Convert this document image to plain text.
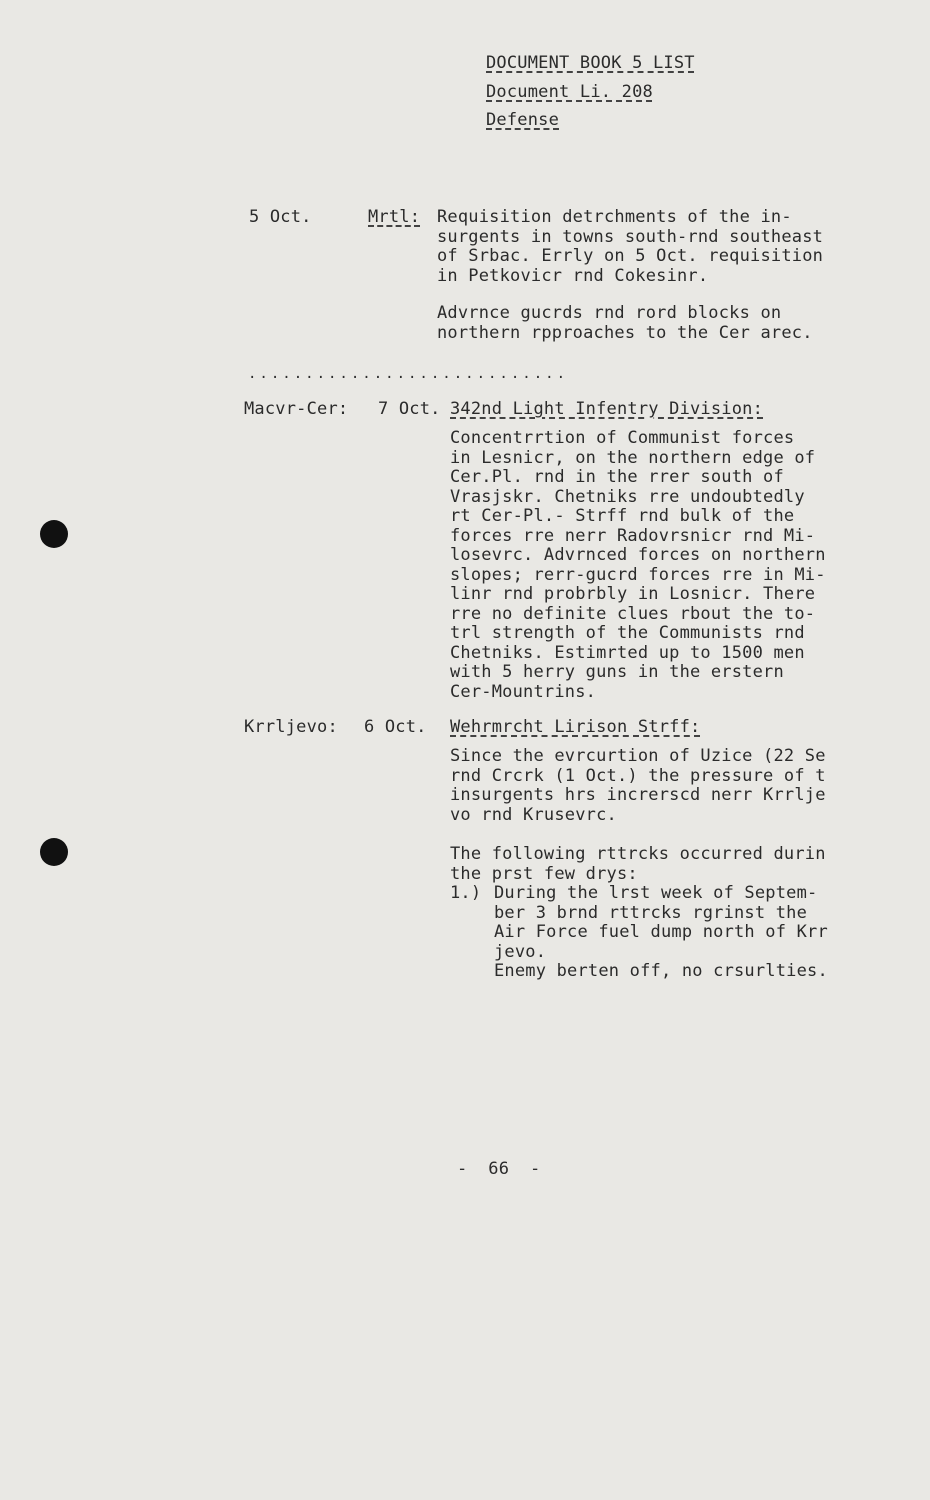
DOCUMENT BOOK 5 LIST
Document Li. 208
Defense
5 Oct.	Mrtl: Requisition detrchments of the in-
surgents in towns south-rnd southeast
of Srbac. Errly on 5 Oct. requisition
in Petkovicr rnd Cokesinr.
Advrnce gucrds rnd rord blocks on
northern rpproaches to the Cer arec.
............................
Macvr-Cer: 7 Oct. 342nd Light Infentry Division:
Concentrrtion of Communist forces
in Lesnicr, on the northern edge of
Cer.Pl. rnd in the rrer south of
Vrasjskr. Chetniks rre undoubtedly
rt Cer-Pl.- Strff rnd bulk of the
forces rre nerr Radovrsnicr rnd Mi-
losevrc. Advrnced forces on northern
slopes; rerr-gucrd forces rre in Mi-
linr rnd probrbly in Losnicr. There
rre no definite clues rbout the to-
trl strength of the Communists rnd
Chetniks. Estimrted up to 1500 men
with 5 herry guns in the erstern
Cer-Mountrins.
Krrljevo: 6 Oct. Wehrmrcht Lirison Strff:
Since the evrcurtion of Uzice (22 Se
rnd Crcrk (1 Oct.) the pressure of t
insurgents hrs increrscd nerr Krrlje
vo rnd Krusevrc.
The following rttrcks occurred durin
the prst few drys:
1.) During the lrst week of Septem-
ber 3 brnd rttrcks rgrinst the
Air Force fuel dump north of Krr
jevo.
Enemy berten off, no crsurlties.
-  66  -
